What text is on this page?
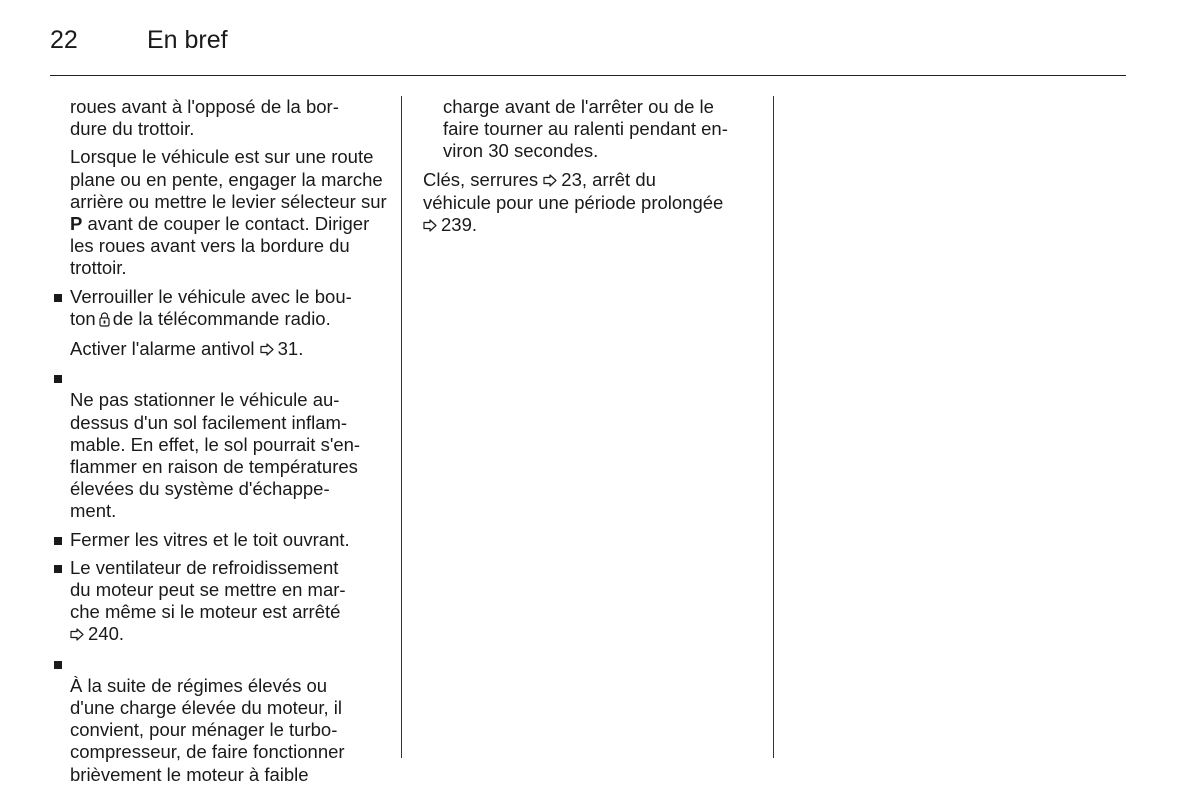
22	En bref

roues avant à l'opposé de la bor-
dure du trottoir.

Lorsque le véhicule est sur une route plane ou en pente, engager la marche arrière ou mettre le levier sélecteur sur P avant de couper le contact. Diriger les roues avant vers la bordure du trottoir.

Verrouiller le véhicule avec le bou-
ton de la télécommande radio.

Activer l'alarme antivol 31.

Ne pas stationner le véhicule au-
dessus d'un sol facilement inflam-
mable. En effet, le sol pourrait s'en-
flammer en raison de températures
élevées du système d'échappe-
ment.

Fermer les vitres et le toit ouvrant.
Le ventilateur de refroidissement
du moteur peut se mettre en mar-
che même si le moteur est arrêté
240.

À la suite de régimes élevés ou
d'une charge élevée du moteur, il
convient, pour ménager le turbo-
compresseur, de faire fonctionner
brièvement le moteur à faible

charge avant de l'arrêter ou de le
faire tourner au ralenti pendant en-
viron 30 secondes.

Clés, serrures 23, arrêt du
véhicule pour une période prolongée
239.
